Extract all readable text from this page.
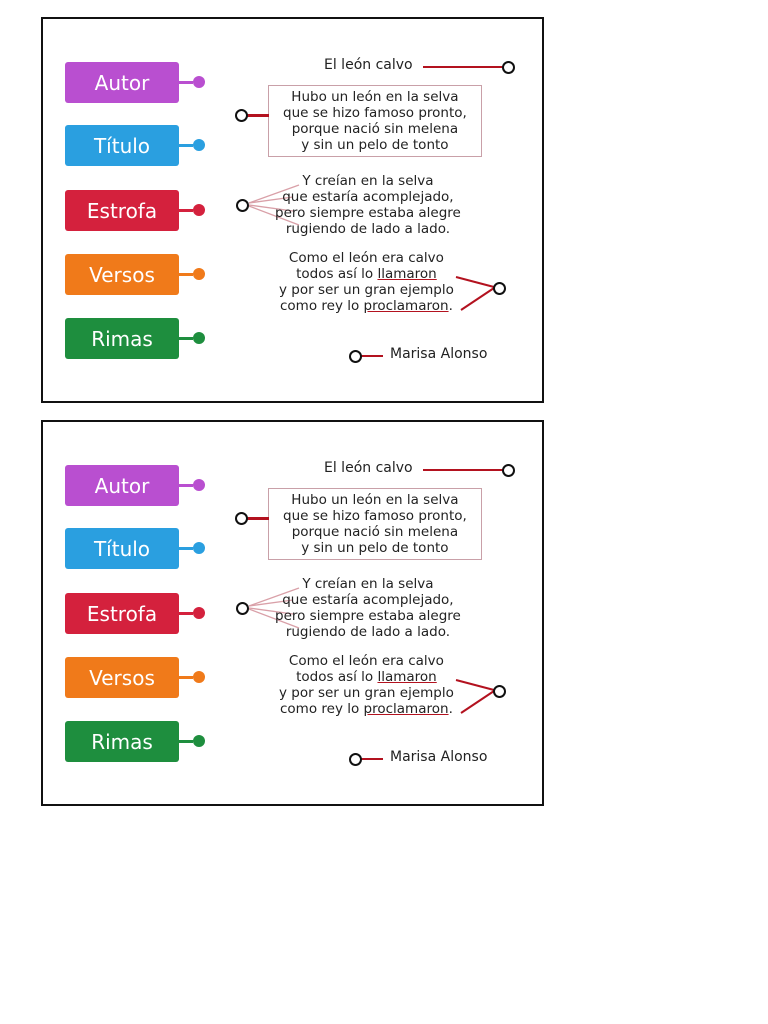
Autor
Título
Estrofa
Versos
Rimas
El león calvo
Hubo un león en la selva
que se hizo famoso pronto,
porque nació sin melena
y sin un pelo de tonto
Y creían en la selva
que estaría acomplejado,
pero siempre estaba alegre
rugiendo de lado a lado.
Como el león era calvo
todos así lo llamaron
y por ser un gran ejemplo
como rey lo proclamaron.
Marisa Alonso
Autor
Título
Estrofa
Versos
Rimas
El león calvo
Hubo un león en la selva
que se hizo famoso pronto,
porque nació sin melena
y sin un pelo de tonto
Y creían en la selva
que estaría acomplejado,
pero siempre estaba alegre
rugiendo de lado a lado.
Como el león era calvo
todos así lo llamaron
y por ser un gran ejemplo
como rey lo proclamaron.
Marisa Alonso
